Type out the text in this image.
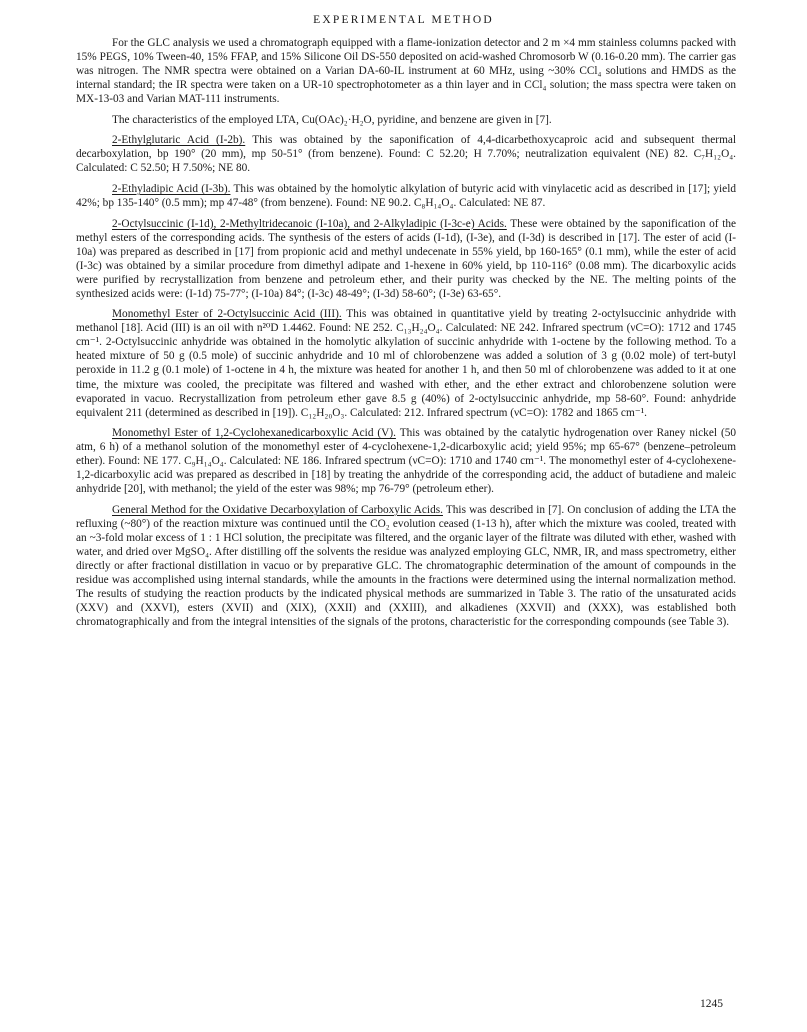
EXPERIMENTAL METHOD

For the GLC analysis we used a chromatograph equipped with a flame-ionization detector and 2 m ×4 mm stainless columns packed with 15% PEGS, 10% Tween-40, 15% FFAP, and 15% Silicone Oil DS-550 deposited on acid-washed Chromosorb W (0.16-0.20 mm). The carrier gas was nitrogen. The NMR spectra were obtained on a Varian DA-60-IL instrument at 60 MHz, using ~30% CCl₄ solutions and HMDS as the internal standard; the IR spectra were taken on a UR-10 spectrophotometer as a thin layer and in CCl₄ solution; the mass spectra were taken on MX-13-03 and Varian MAT-111 instruments.

The characteristics of the employed LTA, Cu(OAc)₂·H₂O, pyridine, and benzene are given in [7].

2-Ethylglutaric Acid (I-2b). This was obtained by the saponification of 4,4-dicarbethoxycaproic acid and subsequent thermal decarboxylation, bp 190° (20 mm), mp 50-51° (from benzene). Found: C 52.20; H 7.70%; neutralization equivalent (NE) 82. C₇H₁₂O₄. Calculated: C 52.50; H 7.50%; NE 80.

2-Ethyladipic Acid (I-3b). This was obtained by the homolytic alkylation of butyric acid with vinylacetic acid as described in [17]; yield 42%; bp 135-140° (0.5 mm); mp 47-48° (from benzene). Found: NE 90.2. C₈H₁₄O₄. Calculated: NE 87.

2-Octylsuccinic (I-1d), 2-Methyltridecanoic (I-10a), and 2-Alkyladipic (I-3c-e) Acids. These were obtained by the saponification of the methyl esters of the corresponding acids. The synthesis of the esters of acids (I-1d), (I-3e), and (I-3d) is described in [17]. The ester of acid (I-10a) was prepared as described in [17] from propionic acid and methyl undecenate in 55% yield, bp 160-165° (0.1 mm), while the ester of acid (I-3c) was obtained by a similar procedure from dimethyl adipate and 1-hexene in 60% yield, bp 110-116° (0.08 mm). The dicarboxylic acids were purified by recrystallization from benzene and petroleum ether, and their purity was checked by the NE. The melting points of the synthesized acids were: (I-1d) 75-77°; (I-10a) 84°; (I-3c) 48-49°; (I-3d) 58-60°; (I-3e) 63-65°.

Monomethyl Ester of 2-Octylsuccinic Acid (III). This was obtained in quantitative yield by treating 2-octylsuccinic anhydride with methanol [18]. Acid (III) is an oil with n²⁰D 1.4462. Found: NE 252. C₁₃H₂₄O₄. Calculated: NE 242. Infrared spectrum (νC=O): 1712 and 1745 cm⁻¹. 2-Octylsuccinic anhydride was obtained in the homolytic alkylation of succinic anhydride with 1-octene by the following method. To a heated mixture of 50 g (0.5 mole) of succinic anhydride and 10 ml of chlorobenzene was added a solution of 3 g (0.02 mole) of tert-butyl peroxide in 11.2 g (0.1 mole) of 1-octene in 4 h, the mixture was heated for another 1 h, and then 50 ml of chlorobenzene was added to it at one time, the mixture was cooled, the precipitate was filtered and washed with ether, and the ether extract and chlorobenzene solution were evaporated in vacuo. Recrystallization from petroleum ether gave 8.5 g (40%) of 2-octylsuccinic anhydride, mp 58-60°. Found: anhydride equivalent 211 (determined as described in [19]). C₁₂H₂₀O₃. Calculated: 212. Infrared spectrum (νC=O): 1782 and 1865 cm⁻¹.

Monomethyl Ester of 1,2-Cyclohexanedicarboxylic Acid (V). This was obtained by the catalytic hydrogenation over Raney nickel (50 atm, 6 h) of a methanol solution of the monomethyl ester of 4-cyclohexene-1,2-dicarboxylic acid; yield 95%; mp 65-67° (benzene–petroleum ether). Found: NE 177. C₉H₁₄O₄. Calculated: NE 186. Infrared spectrum (νC=O): 1710 and 1740 cm⁻¹. The monomethyl ester of 4-cyclohexene-1,2-dicarboxylic acid was prepared as described in [18] by treating the anhydride of the corresponding acid, the adduct of butadiene and maleic anhydride [20], with methanol; the yield of the ester was 98%; mp 76-79° (petroleum ether).

General Method for the Oxidative Decarboxylation of Carboxylic Acids. This was described in [7]. On conclusion of adding the LTA the refluxing (~80°) of the reaction mixture was continued until the CO₂ evolution ceased (1-13 h), after which the mixture was cooled, treated with an ~3-fold molar excess of 1 : 1 HCl solution, the precipitate was filtered, and the organic layer of the filtrate was diluted with ether, washed with water, and dried over MgSO₄. After distilling off the solvents the residue was analyzed employing GLC, NMR, IR, and mass spectrometry, either directly or after fractional distillation in vacuo or by preparative GLC. The chromatographic determination of the amount of compounds in the residue was accomplished using internal standards, while the amounts in the fractions were determined using the internal normalization method. The results of studying the reaction products by the indicated physical methods are summarized in Table 3. The ratio of the unsaturated acids (XXV) and (XXVI), esters (XVII) and (XIX), (XXII) and (XXIII), and alkadienes (XXVII) and (XXX), was established both chromatographically and from the integral intensities of the signals of the protons, characteristic for the corresponding compounds (see Table 3).

1245
